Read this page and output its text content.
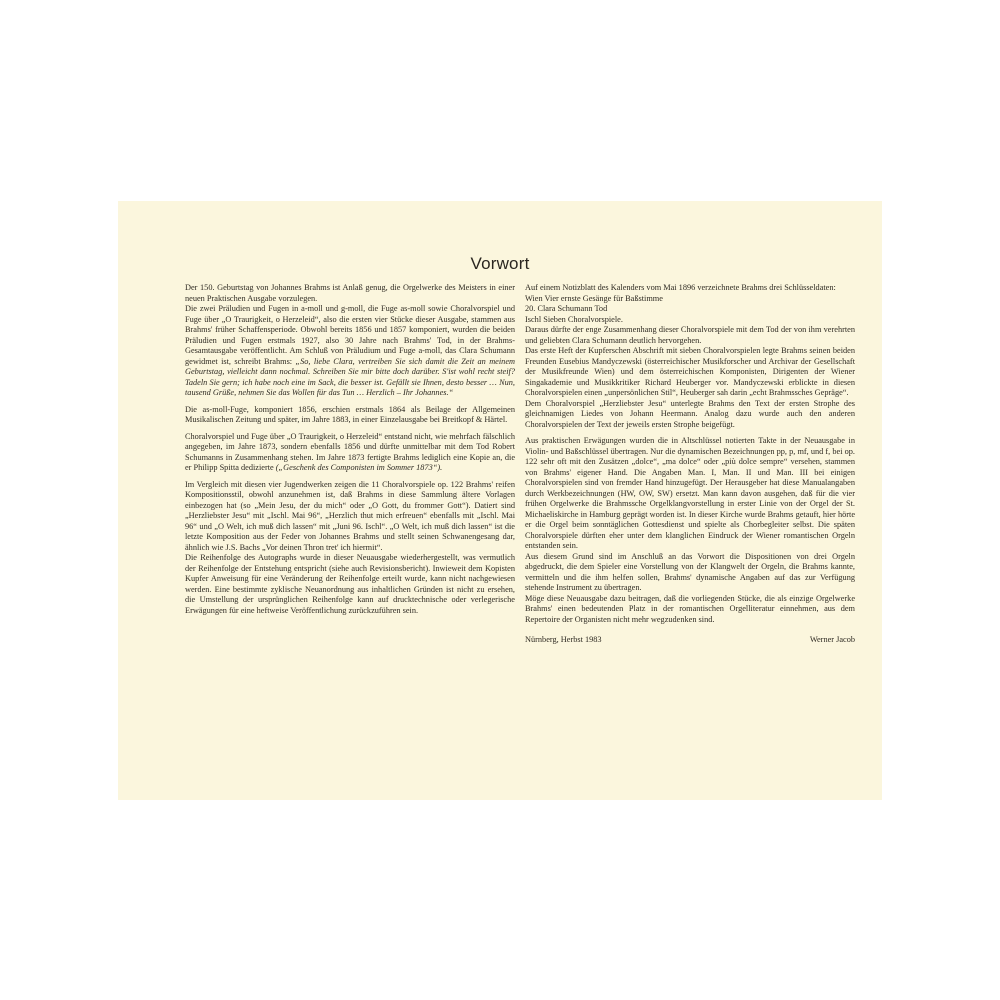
Vorwort

Der 150. Geburtstag von Johannes Brahms ist Anlaß genug, die Orgelwerke des Meisters in einer neuen Praktischen Ausgabe vorzulegen.

Die zwei Präludien und Fugen in a-moll und g-moll, die Fuge as-moll sowie Choralvorspiel und Fuge über „O Traurigkeit, o Herzeleid“, also die ersten vier Stücke dieser Ausgabe, stammen aus Brahms' früher Schaffensperiode. Obwohl bereits 1856 und 1857 komponiert, wurden die beiden Präludien und Fugen erstmals 1927, also 30 Jahre nach Brahms' Tod, in der Brahms-Gesamtausgabe veröffentlicht. Am Schluß von Präludium und Fuge a-moll, das Clara Schumann gewidmet ist, schreibt Brahms: „So, liebe Clara, vertreiben Sie sich damit die Zeit an meinem Geburtstag, vielleicht dann nochmal. Schreiben Sie mir bitte doch darüber. S'ist wohl recht steif? Tadeln Sie gern; ich habe noch eine im Sack, die besser ist. Gefällt sie Ihnen, desto besser … Nun, tausend Grüße, nehmen Sie das Wollen für das Tun … Herzlich – Ihr Johannes.“

Die as-moll-Fuge, komponiert 1856, erschien erstmals 1864 als Beilage der Allgemeinen Musikalischen Zeitung und später, im Jahre 1883, in einer Einzelausgabe bei Breitkopf & Härtel.

Choralvorspiel und Fuge über „O Traurigkeit, o Herzeleid“ entstand nicht, wie mehrfach fälschlich angegeben, im Jahre 1873, sondern ebenfalls 1856 und dürfte unmittelbar mit dem Tod Robert Schumanns in Zusammenhang stehen. Im Jahre 1873 fertigte Brahms lediglich eine Kopie an, die er Philipp Spitta dedizierte („Geschenk des Componisten im Sommer 1873“).

Im Vergleich mit diesen vier Jugendwerken zeigen die 11 Choralvorspiele op. 122 Brahms' reifen Kompositionsstil, obwohl anzunehmen ist, daß Brahms in diese Sammlung ältere Vorlagen einbezogen hat (so „Mein Jesu, der du mich“ oder „O Gott, du frommer Gott“). Datiert sind „Herzliebster Jesu“ mit „Ischl. Mai 96“, „Herzlich thut mich erfreuen“ ebenfalls mit „Ischl. Mai 96“ und „O Welt, ich muß dich lassen“ mit „Juni 96. Ischl“. „O Welt, ich muß dich lassen“ ist die letzte Komposition aus der Feder von Johannes Brahms und stellt seinen Schwanengesang dar, ähnlich wie J.S. Bachs „Vor deinen Thron tret' ich hiermit“.

Die Reihenfolge des Autographs wurde in dieser Neuausgabe wiederhergestellt, was vermutlich der Reihenfolge der Entstehung entspricht (siehe auch Revisionsbericht). Inwieweit dem Kopisten Kupfer Anweisung für eine Veränderung der Reihenfolge erteilt wurde, kann nicht nachgewiesen werden. Eine bestimmte zyklische Neuanordnung aus inhaltlichen Gründen ist nicht zu ersehen, die Umstellung der ursprünglichen Reihenfolge kann auf drucktechnische oder verlegerische Erwägungen für eine heftweise Veröffentlichung zurückzuführen sein.

Auf einem Notizblatt des Kalenders vom Mai 1896 verzeichnete Brahms drei Schlüsseldaten:

Wien Vier ernste Gesänge für Baßstimme

20. Clara Schumann Tod

Ischl Sieben Choralvorspiele.

Daraus dürfte der enge Zusammenhang dieser Choralvorspiele mit dem Tod der von ihm verehrten und geliebten Clara Schumann deutlich hervorgehen.

Das erste Heft der Kupferschen Abschrift mit sieben Choralvorspielen legte Brahms seinen beiden Freunden Eusebius Mandyczewski (österreichischer Musikforscher und Archivar der Gesellschaft der Musikfreunde Wien) und dem österreichischen Komponisten, Dirigenten der Wiener Singakademie und Musikkritiker Richard Heuberger vor. Mandyczewski erblickte in diesen Choralvorspielen einen „unpersönlichen Stil“, Heuberger sah darin „echt Brahmssches Gepräge“.

Dem Choralvorspiel „Herzliebster Jesu“ unterlegte Brahms den Text der ersten Strophe des gleichnamigen Liedes von Johann Heermann. Analog dazu wurde auch den anderen Choralvorspielen der Text der jeweils ersten Strophe beigefügt.

Aus praktischen Erwägungen wurden die in Altschlüssel notierten Takte in der Neuausgabe in Violin- und Baßschlüssel übertragen. Nur die dynamischen Bezeichnungen pp, p, mf, und f, bei op. 122 sehr oft mit den Zusätzen „dolce“, „ma dolce“ oder „più dolce sempre“ versehen, stammen von Brahms' eigener Hand. Die Angaben Man. I, Man. II und Man. III bei einigen Choralvorspielen sind von fremder Hand hinzugefügt. Der Herausgeber hat diese Manualangaben durch Werkbezeichnungen (HW, OW, SW) ersetzt. Man kann davon ausgehen, daß für die vier frühen Orgelwerke die Brahmssche Orgelklangvorstellung in erster Linie von der Orgel der St. Michaeliskirche in Hamburg geprägt worden ist. In dieser Kirche wurde Brahms getauft, hier hörte er die Orgel beim sonntäglichen Gottesdienst und spielte als Chorbegleiter selbst. Die späten Choralvorspiele dürften eher unter dem klanglichen Eindruck der Wiener romantischen Orgeln entstanden sein.

Aus diesem Grund sind im Anschluß an das Vorwort die Dispositionen von drei Orgeln abgedruckt, die dem Spieler eine Vorstellung von der Klangwelt der Orgeln, die Brahms kannte, vermitteln und die ihm helfen sollen, Brahms' dynamische Angaben auf das zur Verfügung stehende Instrument zu übertragen.

Möge diese Neuausgabe dazu beitragen, daß die vorliegenden Stücke, die als einzige Orgelwerke Brahms' einen bedeutenden Platz in der romantischen Orgelliteratur einnehmen, aus dem Repertoire der Organisten nicht mehr wegzudenken sind.

Nürnberg, Herbst 1983	Werner Jacob
